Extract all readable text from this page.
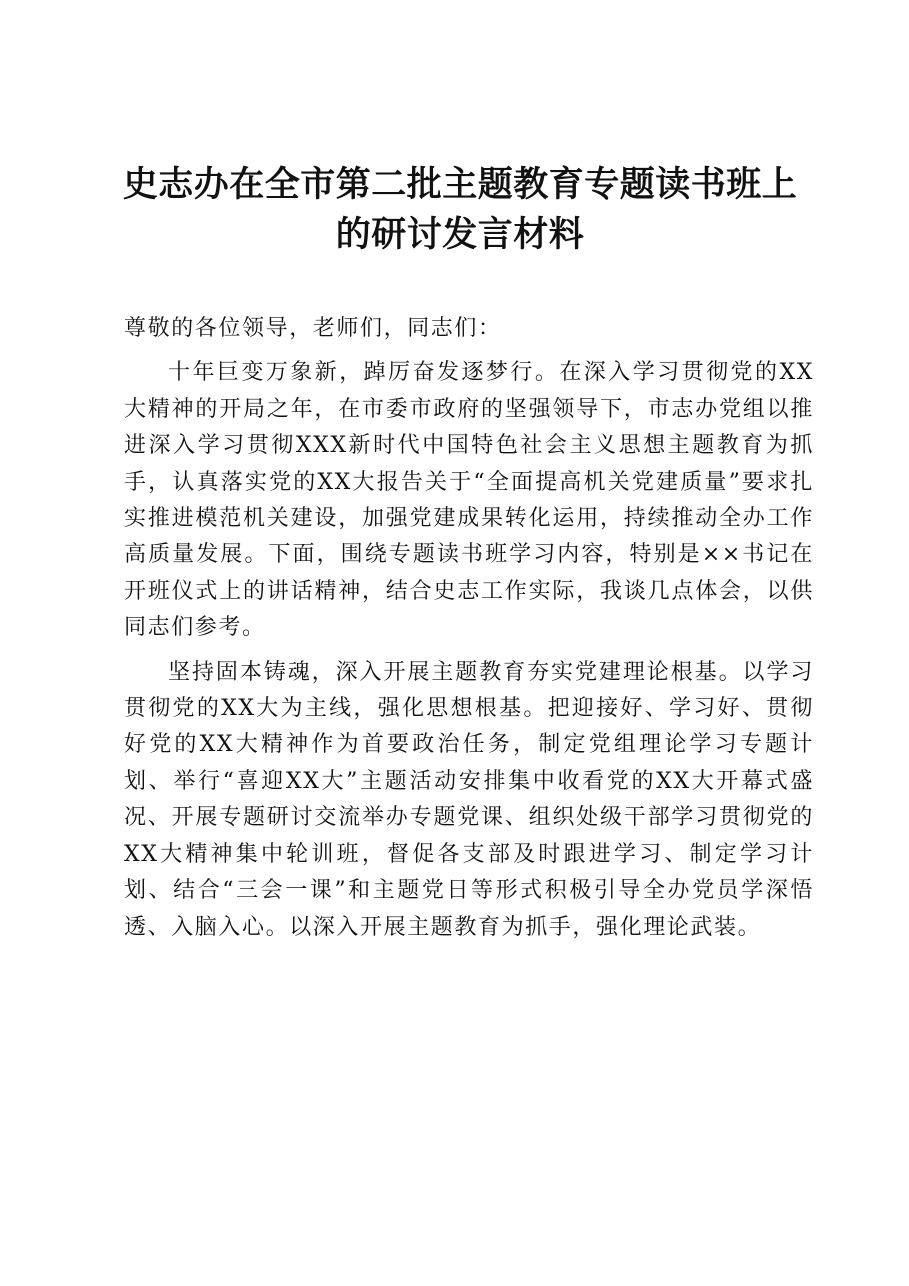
史志办在全市第二批主题教育专题读书班上的研讨发言材料

尊敬的各位领导，老师们，同志们：

十年巨变万象新，踔厉奋发逐梦行。在深入学习贯彻党的XX大精神的开局之年，在市委市政府的坚强领导下，市志办党组以推进深入学习贯彻XXX新时代中国特色社会主义思想主题教育为抓手，认真落实党的XX大报告关于“全面提高机关党建质量”要求扎实推进模范机关建设，加强党建成果转化运用，持续推动全办工作高质量发展。下面，围绕专题读书班学习内容，特别是××书记在开班仪式上的讲话精神，结合史志工作实际，我谈几点体会，以供同志们参考。

坚持固本铸魂，深入开展主题教育夯实党建理论根基。以学习贯彻党的XX大为主线，强化思想根基。把迎接好、学习好、贯彻好党的XX大精神作为首要政治任务，制定党组理论学习专题计划、举行“喜迎XX大”主题活动安排集中收看党的XX大开幕式盛况、开展专题研讨交流举办专题党课、组织处级干部学习贯彻党的XX大精神集中轮训班，督促各支部及时跟进学习、制定学习计划、结合“三会一课”和主题党日等形式积极引导全办党员学深悟透、入脑入心。以深入开展主题教育为抓手，强化理论武装。
